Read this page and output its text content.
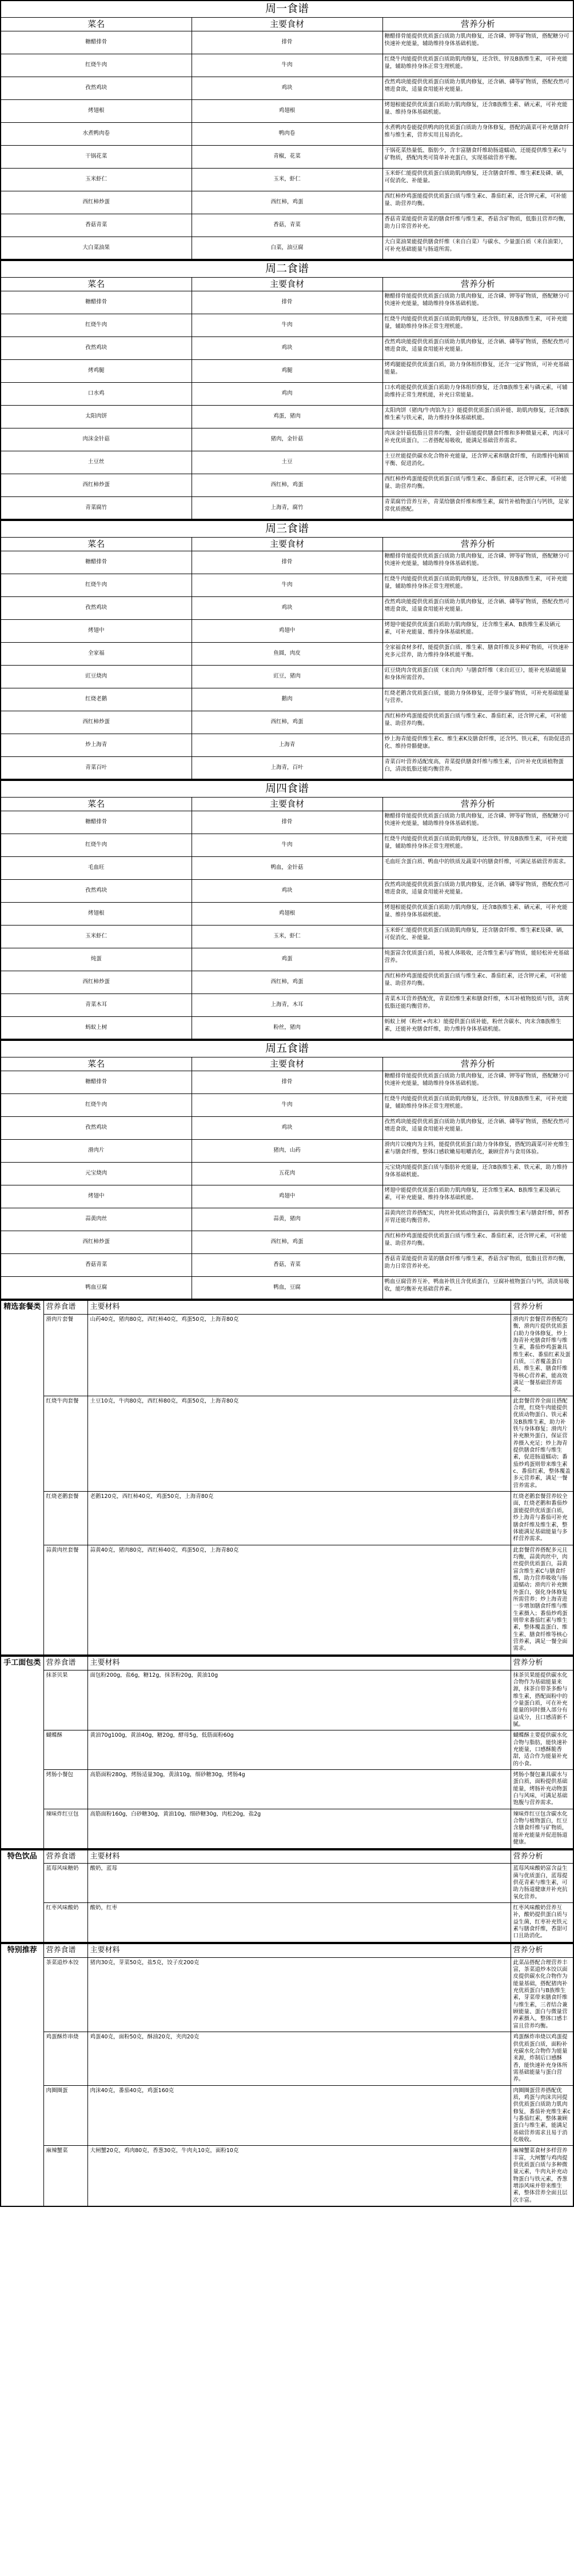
周一食谱		
菜名	主要食材	营养分析
糖醋排骨	排骨	糖醋排骨能提供优质蛋白质助力肌肉修复，还含磷、钾等矿物质，搭配糖分可快速补充能量，辅助维持身体基础机能。
红烧牛肉	牛肉	红烧牛肉能提供优质蛋白质助肌肉修复，还含铁、锌及B族维生素，可补充能量，辅助维持身体正常生理机能。
孜然鸡块	鸡块	孜然鸡块能提供优质蛋白质助力肌肉修复，还含硒、磷等矿物质，搭配孜然可增进食欲，适量食用能补充能量。
烤翅根	鸡翅根	烤翅根能提供优质蛋白质助力肌肉修复，还含B族维生素、硒元素，可补充能量、维持身体基础机能。
水煮鸭肉卷	鸭肉卷	水煮鸭肉卷能提供鸭肉的优质蛋白质助力身体修复，搭配的蔬菜可补充膳食纤维与维生素，营养实用且易消化。
干锅花菜	青椒，花菜	干锅花菜热量低、脂肪少，含丰富膳食纤维助肠道蠕动，还能提供维生素c与矿物质，搭配肉类可简单补充蛋白，实现基础营养平衡。
玉米虾仁	玉米，虾仁	玉米虾仁能提供优质蛋白质助肌肉修复，还含膳食纤维、维生素E及磷、硒，可促消化、补能量。
西红柿炒蛋	西红柿，鸡蛋	西红柿炒鸡蛋能提供优质蛋白质与维生素c、番茄红素，还含钾元素，可补能量、助营养均衡。
香菇青菜	香菇，青菜	香菇青菜能提供青菜的膳食纤维与维生素，香菇含矿物质，低脂且营养均衡，助力日常营养补充。
大白菜油果	白菜，油豆腐	大白菜油果能提供膳食纤维（来自白菜）与碳水、少量蛋白质（来自油果），可补充基础能量与肠道所需。
周二食谱		
菜名	主要食材	营养分析
糖醋排骨	排骨	糖醋排骨能提供优质蛋白质助力肌肉修复，还含磷、钾等矿物质，搭配糖分可快速补充能量，辅助维持身体基础机能。
红烧牛肉	牛肉	红烧牛肉能提供优质蛋白质助肌肉修复，还含铁、锌及B族维生素，可补充能量，辅助维持身体正常生理机能。
孜然鸡块	鸡块	孜然鸡块能提供优质蛋白质助力肌肉修复，还含硒、磷等矿物质，搭配孜然可增进食欲，适量食用能补充能量。
烤鸡腿	鸡腿	烤鸡腿能提供优质蛋白质，助力身体组织修复，还含一定矿物质，可补充基础能量。
口水鸡	鸡肉	口水鸡能提供优质蛋白质助力身体组织修复，还含B族维生素与磷元素，可辅助维持正常生理机能，补充日常能量。
太阳肉饼	鸡蛋，猪肉	太阳肉饼（猪肉/牛肉馅为主）能提供优质蛋白质补能、助肌肉修复，还含B族维生素与铁元素，助力维持身体基础机能。
肉沫金针菇	猪肉，金针菇	肉沫金针菇低脂且营养均衡，金针菇能提供膳食纤维和多种微量元素，肉沫可补充优质蛋白，二者搭配易吸收，能满足基础营养需求。
土豆丝	土豆	土豆丝能提供碳水化合物补充能量，还含钾元素和膳食纤维，有助维持电解质平衡、促进消化。
西红柿炒蛋	西红柿，鸡蛋	西红柿炒鸡蛋能提供优质蛋白质与维生素c、番茄红素，还含钾元素，可补能量、助营养均衡。
青菜腐竹	上海青，腐竹	青菜腐竹营养互补，青菜给膳食纤维和维生素，腐竹补植物蛋白与钙铁，是家常优质搭配。
周三食谱		
菜名	主要食材	营养分析
糖醋排骨	排骨	糖醋排骨能提供优质蛋白质助力肌肉修复，还含磷、钾等矿物质，搭配糖分可快速补充能量，辅助维持身体基础机能。
红烧牛肉	牛肉	红烧牛肉能提供优质蛋白质助肌肉修复，还含铁、锌及B族维生素，可补充能量，辅助维持身体正常生理机能。
孜然鸡块	鸡块	孜然鸡块能提供优质蛋白质助力肌肉修复，还含硒、磷等矿物质，搭配孜然可增进食欲，适量食用能补充能量。
烤翅中	鸡翅中	烤翅中能提供优质蛋白质助力肌肉修复，还含维生素A、B族维生素及硒元素，可补充能量、维持身体基础机能。
全家福	鱼圆，肉皮	全家福食材多样，能提供蛋白质、维生素、膳食纤维及多种矿物质，可快速补充多元营养，助力维持身体机能平衡。
豇豆烧肉	豇豆，猪肉	豇豆烧肉含优质蛋白质（来自肉）与膳食纤维（来自豇豆），能补充基础能量和身体所需营养。
红烧老鹅	鹅肉	红烧老鹅含优质蛋白质，能助力身体修复，还带少量矿物质，可补充基础能量与营养。
西红柿炒蛋	西红柿，鸡蛋	西红柿炒鸡蛋能提供优质蛋白质与维生素c、番茄红素，还含钾元素，可补能量、助营养均衡。
炒上海青	上海青	炒上海青能提供维生素c、维生素K及膳食纤维，还含钙、铁元素，有助促进消化、维持骨骼健康。
青菜百叶	上海青，百叶	青菜百叶营养适配度高，青菜提供膳食纤维与维生素，百叶补充优质植物蛋白，清淡低脂还能均衡营养。
周四食谱		
菜名	主要食材	营养分析
糖醋排骨	排骨	糖醋排骨能提供优质蛋白质助力肌肉修复，还含磷、钾等矿物质，搭配糖分可快速补充能量，辅助维持身体基础机能。
红烧牛肉	牛肉	红烧牛肉能提供优质蛋白质助肌肉修复，还含铁、锌及B族维生素，可补充能量，辅助维持身体正常生理机能。
毛血旺	鸭血，金针菇	毛血旺含蛋白质、鸭血中的铁质及蔬菜中的膳食纤维，可满足基础营养需求。
孜然鸡块	鸡块	孜然鸡块能提供优质蛋白质助力肌肉修复，还含硒、磷等矿物质，搭配孜然可增进食欲，适量食用能补充能量。
烤翅根	鸡翅根	烤翅根能提供优质蛋白质助力肌肉修复，还含B族维生素、硒元素，可补充能量、维持身体基础机能。
玉米虾仁	玉米，虾仁	玉米虾仁能提供优质蛋白质助肌肉修复，还含膳食纤维、维生素E及磷、硒，可促消化、补能量。
炖蛋	鸡蛋	炖蛋富含优质蛋白质，易被人体吸收，还含维生素与矿物质，能轻松补充基础营养。
西红柿炒蛋	西红柿，鸡蛋	西红柿炒鸡蛋能提供优质蛋白质与维生素c、番茄红素，还含钾元素，可补能量、助营养均衡。
青菜木耳	上海青，木耳	青菜木耳营养搭配优，青菜给维生素和膳食纤维，木耳补植物胶质与铁，清爽低脂还能均衡营养。
蚂蚁上树	粉丝，猪肉	蚂蚁上树（粉丝+肉末）能提供蛋白质补能，粉丝含碳水、肉末含B族维生素，还能补充膳食纤维，助力维持身体基础机能。
周五食谱		
菜名	主要食材	营养分析
糖醋排骨	排骨	糖醋排骨能提供优质蛋白质助力肌肉修复，还含磷、钾等矿物质，搭配糖分可快速补充能量，辅助维持身体基础机能。
红烧牛肉	牛肉	红烧牛肉能提供优质蛋白质助肌肉修复，还含铁、锌及B族维生素，可补充能量，辅助维持身体正常生理机能。
孜然鸡块	鸡块	孜然鸡块能提供优质蛋白质助力肌肉修复，还含硒、磷等矿物质，搭配孜然可增进食欲，适量食用能补充能量。
滑肉片	猪肉，山药	滑肉片以瘦肉为主料，能提供优质蛋白助力身体修复，搭配的蔬菜可补充维生素与膳食纤维，整体口感软嫩易咀嚼消化，兼顾营养与食用体验。
元宝烧肉	五花肉	元宝烧肉能提供蛋白质与脂肪补充能量，还含B族维生素、铁元素，助力维持身体基础机能。
烤翅中	鸡翅中	烤翅中能提供优质蛋白质助力肌肉修复，还含维生素A、B族维生素及硒元素，可补充能量、维持身体基础机能。
蒜黄肉丝	蒜黄，猪肉	蒜黄肉丝营养搭配实，肉丝补优质动物蛋白，蒜黄供维生素与膳食纤维，鲜香开胃还能均衡营养。
西红柿炒蛋	西红柿，鸡蛋	西红柿炒鸡蛋能提供优质蛋白质与维生素c、番茄红素，还含钾元素，可补能量、助营养均衡。
香菇青菜	香菇，青菜	香菇青菜能提供青菜的膳食纤维与维生素，香菇含矿物质，低脂且营养均衡，助力日常营养补充。
鸭血豆腐	鸭血，豆腐	鸭血豆腐营养互补，鸭血补铁且含优质蛋白，豆腐补植物蛋白与钙，清淡易吸收，能均衡补充基础营养素。
精选套餐类	营养食谱	主要材料	营养分析
	滑肉片套餐	山药40克，猪肉80克，西红柿40克，鸡蛋50克，上海青80克	滑肉片套餐营养搭配均衡，滑肉片提供优质蛋白助力身体修复，炒上海青补充膳食纤维与维生素，番茄炒鸡蛋兼具维生素c、番茄红素及蛋白质，三者覆盖蛋白质、维生素、膳食纤维等核心营养素，能高效满足一餐基础营养需求。
	红烧牛肉套餐	土豆10克，牛肉80克，西红柿80克，鸡蛋50克，上海青80克	此套餐营养全面且搭配合理，红烧牛肉能提供优质动物蛋白、铁元素及B族维生素，助力补铁与身体修复；滑肉片补充额外蛋白，保证营养摄入充足；炒上海青提供膳食纤维与维生素，促进肠道蠕动；番茄炒鸡蛋则带来维生素c、番茄红素，整体覆盖多元营养素，满足一餐营养需求。
	红烧老鹅套餐	老鹅120克，西红柿40克，鸡蛋50克，上海青80克	红烧老鹅套餐营养较全面，红烧老鹅和番茄炒蛋能提供优质蛋白质，炒上海青与番茄可补充膳食纤维及维生素，整体能满足基础能量与多样营养需求。
	蒜黄肉丝套餐	蒜黄40克，猪肉80克，西红柿40克，鸡蛋50克，上海青80克	此套餐营养搭配多元且均衡，蒜黄肉丝中，肉丝提供优质蛋白，蒜黄富含维生素C与膳食纤维，助力营养吸收与肠道蠕动；滑肉片补充额外蛋白，强化身体修复所需营养；炒上海青进一步增加膳食纤维与维生素摄入；番茄炒鸡蛋则带来番茄红素与维生素，整体覆盖蛋白、维生素、膳食纤维等核心营养素，满足一餐全面需求。
手工面包类	营养食谱	主要材料	营养分析
	抹茶贝果	面包粉200g，盐6g，糖12g，抹茶粉20g，黄油10g	抹茶贝果能提供碳水化合物作为基础能量来源，抹茶自带茶多酚与维生素，搭配面粉中的少量蛋白质，可在补充能量的同时摄入部分有益成分，且口感清新不腻。
	蝴蝶酥	黄油70g100g，黄油40g，糖20g，酵母5g，低筋面粉60g	蝴蝶酥主要提供碳水化合物与脂肪，能快速补充能量，口感酥脆香甜，适合作为能量补充的小食。
	烤肠小餐包	高筋面粉280g，烤肠适量30g，黄油10g，细砂糖30g，烤肠4g	烤肠小餐包兼具碳水与蛋白质，面粉提供基础能量，烤肠补充动物蛋白与风味，可满足基础饱腹与营养需求。
	辣味炸红豆包	高筋面粉160g，白砂糖30g，黄油10g，细砂糖30g，肉松20g，盐2g	辣味炸红豆包含碳水化合物与植物蛋白，红豆含膳食纤维与矿物质，能补充能量并促进肠道健康。
特色饮品	营养食谱	主要材料	营养分析
	蓝莓风味糖奶	酸奶，蓝莓	蓝莓风味酸奶富含益生菌与优质蛋白，蓝莓提供花青素与维生素，可助力肠道健康并补充抗氧化营养。
	红枣风味酸奶	酸奶，红枣	红枣风味酸奶营养互补，酸奶提供蛋白质与益生菌，红枣补充铁元素与膳食纤维，香甜可口且助消化。
特别推荐	营养食谱	主要材料	营养分析
	茶菜道炒本饺	猪肉30克，芽菜50克，盐5克，饺子皮200克	此菜品搭配合理营养丰富，茶菜道炒本饺以面皮提供碳水化合物作为能量基础，搭配猪肉补充优质蛋白与B族维生素，芽菜带来膳食纤维与维生素，三者结合兼顾能量、蛋白与微量营养素摄入，整体口感丰富且营养均衡。
	鸡蛋酥炸串烧	鸡蛋40克，面粉50克，酥油20克，夹肉20克	鸡蛋酥炸串烧以鸡蛋提供优质蛋白质，面粉补充碳水化合物作为能量来源，炸制后口感酥香，能快速补充身体所需基础能量与蛋白营养。
	肉圈圈蛋	肉沫40克，番茄40克，鸡蛋160克	肉圈圈蛋营养搭配优质，鸡蛋与肉沫共同提供优质蛋白质助力肌肉修复，番茄补充维生素c与番茄红素，整体兼顾蛋白与维生素，能满足基础营养需求且易于消化吸收。
	麻辣蟹菜	大闸蟹20克，鸡肉80克，香葱30克，牛肉丸10克，面粉10克	麻辣蟹菜食材多样营养丰富，大闸蟹与鸡肉提供优质蛋白质与多种微量元素，牛肉丸补充动物蛋白与铁元素，香葱增添风味并带来维生素，整体营养全面且层次丰富。
